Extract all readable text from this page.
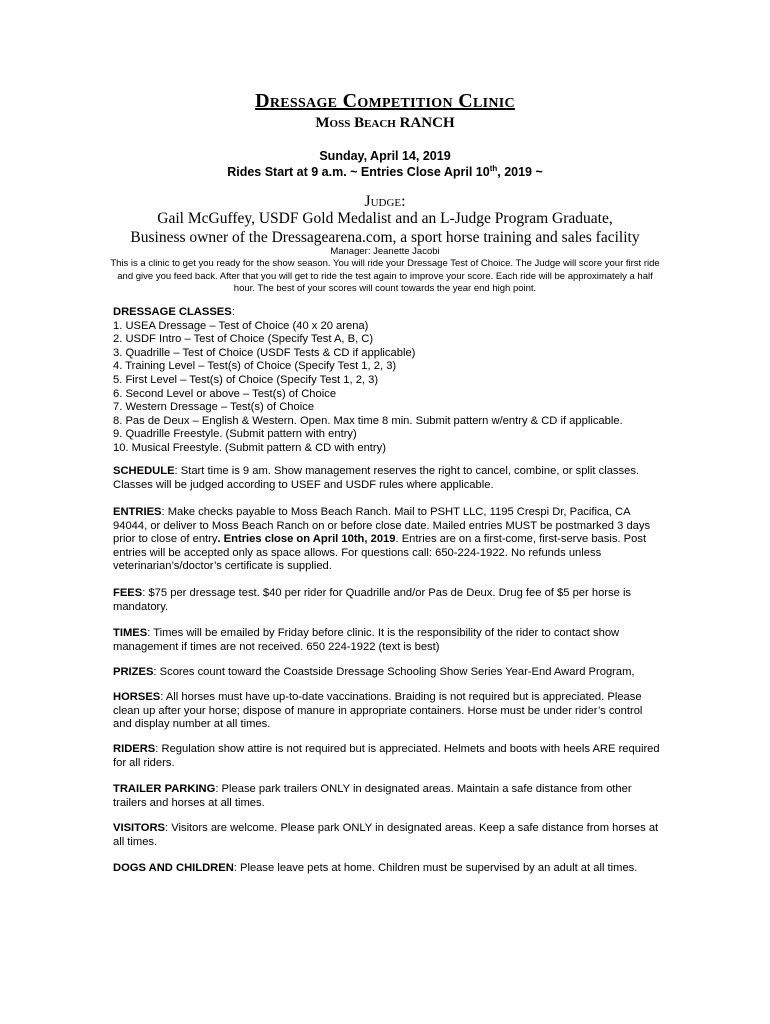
Dressage Competition Clinic
Moss Beach RANCH
Sunday, April 14, 2019
Rides Start at 9 a.m. ~ Entries Close April 10th, 2019 ~
Judge:
Gail McGuffey, USDF Gold Medalist and an L-Judge Program Graduate,
Business owner of the Dressagearena.com, a sport horse training and sales facility
Manager: Jeanette Jacobi
This is a clinic to get you ready for the show season. You will ride your Dressage Test of Choice. The Judge will score your first ride and give you feed back. After that you will get to ride the test again to improve your score. Each ride will be approximately a half hour. The best of your scores will count towards the year end high point.
DRESSAGE CLASSES:
1. USEA Dressage – Test of Choice (40 x 20 arena)
2. USDF Intro – Test of Choice (Specify Test A, B, C)
3. Quadrille – Test of Choice (USDF Tests & CD if applicable)
4. Training Level – Test(s) of Choice (Specify Test 1, 2, 3)
5. First Level – Test(s) of Choice (Specify Test 1, 2, 3)
6. Second Level or above – Test(s) of Choice
7. Western Dressage – Test(s) of Choice
8. Pas de Deux – English & Western. Open. Max time 8 min. Submit pattern w/entry & CD if applicable.
9. Quadrille Freestyle. (Submit pattern with entry)
10. Musical Freestyle. (Submit pattern & CD with entry)
SCHEDULE: Start time is 9 am. Show management reserves the right to cancel, combine, or split classes. Classes will be judged according to USEF and USDF rules where applicable.
ENTRIES: Make checks payable to Moss Beach Ranch. Mail to PSHT LLC, 1195 Crespi Dr, Pacifica, CA 94044, or deliver to Moss Beach Ranch on or before close date. Mailed entries MUST be postmarked 3 days prior to close of entry. Entries close on April 10th, 2019. Entries are on a first-come, first-serve basis. Post entries will be accepted only as space allows. For questions call: 650-224-1922. No refunds unless veterinarian’s/doctor’s certificate is supplied.
FEES: $75 per dressage test. $40 per rider for Quadrille and/or Pas de Deux. Drug fee of $5 per horse is mandatory.
TIMES: Times will be emailed by Friday before clinic. It is the responsibility of the rider to contact show management if times are not received. 650 224-1922 (text is best)
PRIZES: Scores count toward the Coastside Dressage Schooling Show Series Year-End Award Program,
HORSES: All horses must have up-to-date vaccinations. Braiding is not required but is appreciated. Please clean up after your horse; dispose of manure in appropriate containers. Horse must be under rider’s control and display number at all times.
RIDERS: Regulation show attire is not required but is appreciated. Helmets and boots with heels ARE required for all riders.
TRAILER PARKING: Please park trailers ONLY in designated areas. Maintain a safe distance from other trailers and horses at all times.
VISITORS: Visitors are welcome. Please park ONLY in designated areas. Keep a safe distance from horses at all times.
DOGS AND CHILDREN: Please leave pets at home. Children must be supervised by an adult at all times.
